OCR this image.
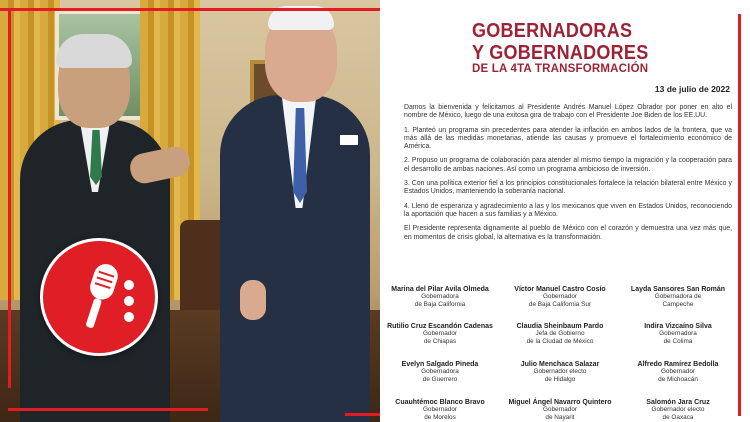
GOBERNADORAS
Y GOBERNADORES
DE LA 4TA TRANSFORMACIÓN
13 de julio de 2022

Damos la bienvenida y felicitamos al Presidente Andrés Manuel López Obrador por poner en alto el nombre de México, luego de una exitosa gira de trabajo con el Presidente Joe Biden de los EE.UU.

1. Planteó un programa sin precedentes para atender la inflación en ambos lados de la frontera, que va más allá de las medidas monetarias, atiende las causas y promueve el fortalecimiento económico de América.

2. Propuso un programa de colaboración para atender al mismo tiempo la migración y la cooperación para el desarrollo de ambas naciones. Así como un programa ambicioso de inversión.

3. Con una política exterior fiel a los principios constitucionales fortalece la relación bilateral entre México y Estados Unidos, manteniendo la soberanía nacional.

4. Llenó de esperanza y agradecimiento a las y los mexicanos que viven en Estados Unidos, reconociendo la aportación que hacen a sus familias y a México.

El Presidente representa dignamente al pueblo de México con el corazón y demuestra una vez más que, en momentos de crisis global, la alternativa es la transformación.

Marina del Pilar Avila Olmeda
Gobernadora
de Baja California
Víctor Manuel Castro Cosío
Gobernador
de Baja California Sur
Layda Sansores San Román
Gobernadora de
Campeche
Rutilio Cruz Escandón Cadenas
Gobernador
de Chiapas
Claudia Sheinbaum Pardo
Jefa de Gobierno
de la Ciudad de México
Indira Vizcaíno Silva
Gobernadora
de Colima
Evelyn Salgado Pineda
Gobernadora
de Guerrero
Julio Menchaca Salazar
Gobernador electo
de Hidalgo
Alfredo Ramírez Bedolla
Gobernador
de Michoacán
Cuauhtémoc Blanco Bravo
Gobernador
de Morelos
Miguel Ángel Navarro Quintero
Gobernador
de Nayarit
Salomón Jara Cruz
Gobernador electo
de Oaxaca
